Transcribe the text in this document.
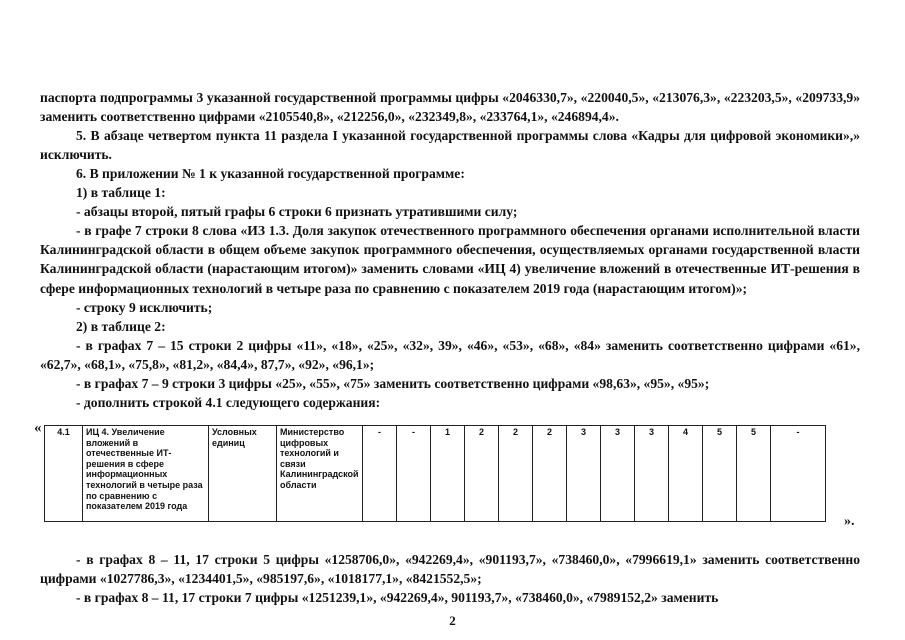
паспорта подпрограммы 3 указанной государственной программы цифры «2046330,7», «220040,5», «213076,3», «223203,5», «209733,9» заменить соответственно цифрами «2105540,8», «212256,0», «232349,8», «233764,1», «246894,4».

5. В абзаце четвертом пункта 11 раздела I указанной государственной программы слова «Кадры для цифровой экономики»,» исключить.

6. В приложении № 1 к указанной государственной программе:

1) в таблице 1:

- абзацы второй, пятый графы 6 строки 6 признать утратившими силу;

- в графе 7 строки 8 слова «ИЗ 1.3. Доля закупок отечественного программного обеспечения органами исполнительной власти Калининградской области в общем объеме закупок программного обеспечения, осуществляемых органами государственной власти Калининградской области (нарастающим итогом)» заменить словами «ИЦ 4) увеличение вложений в отечественные ИТ-решения в сфере информационных технологий в четыре раза по сравнению с показателем 2019 года (нарастающим итогом)»;

- строку 9 исключить;

2) в таблице 2:

- в графах 7 – 15 строки 2 цифры «11», «18», «25», «32», 39», «46», «53», «68», «84» заменить соответственно цифрами «61», «62,7», «68,1», «75,8», «81,2», «84,4», 87,7», «92», «96,1»;

- в графах 7 – 9 строки 3 цифры «25», «55», «75» заменить соответственно цифрами «98,63», «95», «95»;

- дополнить строкой 4.1 следующего содержания:

« 4.1	ИЦ 4. Увеличение вложений в отечественные ИТ-решения в сфере информационных технологий в четыре раза по сравнению с показателем 2019 года	Условных единиц	Министерство цифровых технологий и связи Калининградской области	-	-	1	2	2	2	3	3	3	4	5	5	-
».

- в графах 8 – 11, 17 строки 5 цифры «1258706,0», «942269,4», «901193,7», «738460,0», «7996619,1» заменить соответственно цифрами «1027786,3», «1234401,5», «985197,6», «1018177,1», «8421552,5»;

- в графах 8 – 11, 17 строки 7 цифры «1251239,1», «942269,4», 901193,7», «738460,0», «7989152,2» заменить

2
